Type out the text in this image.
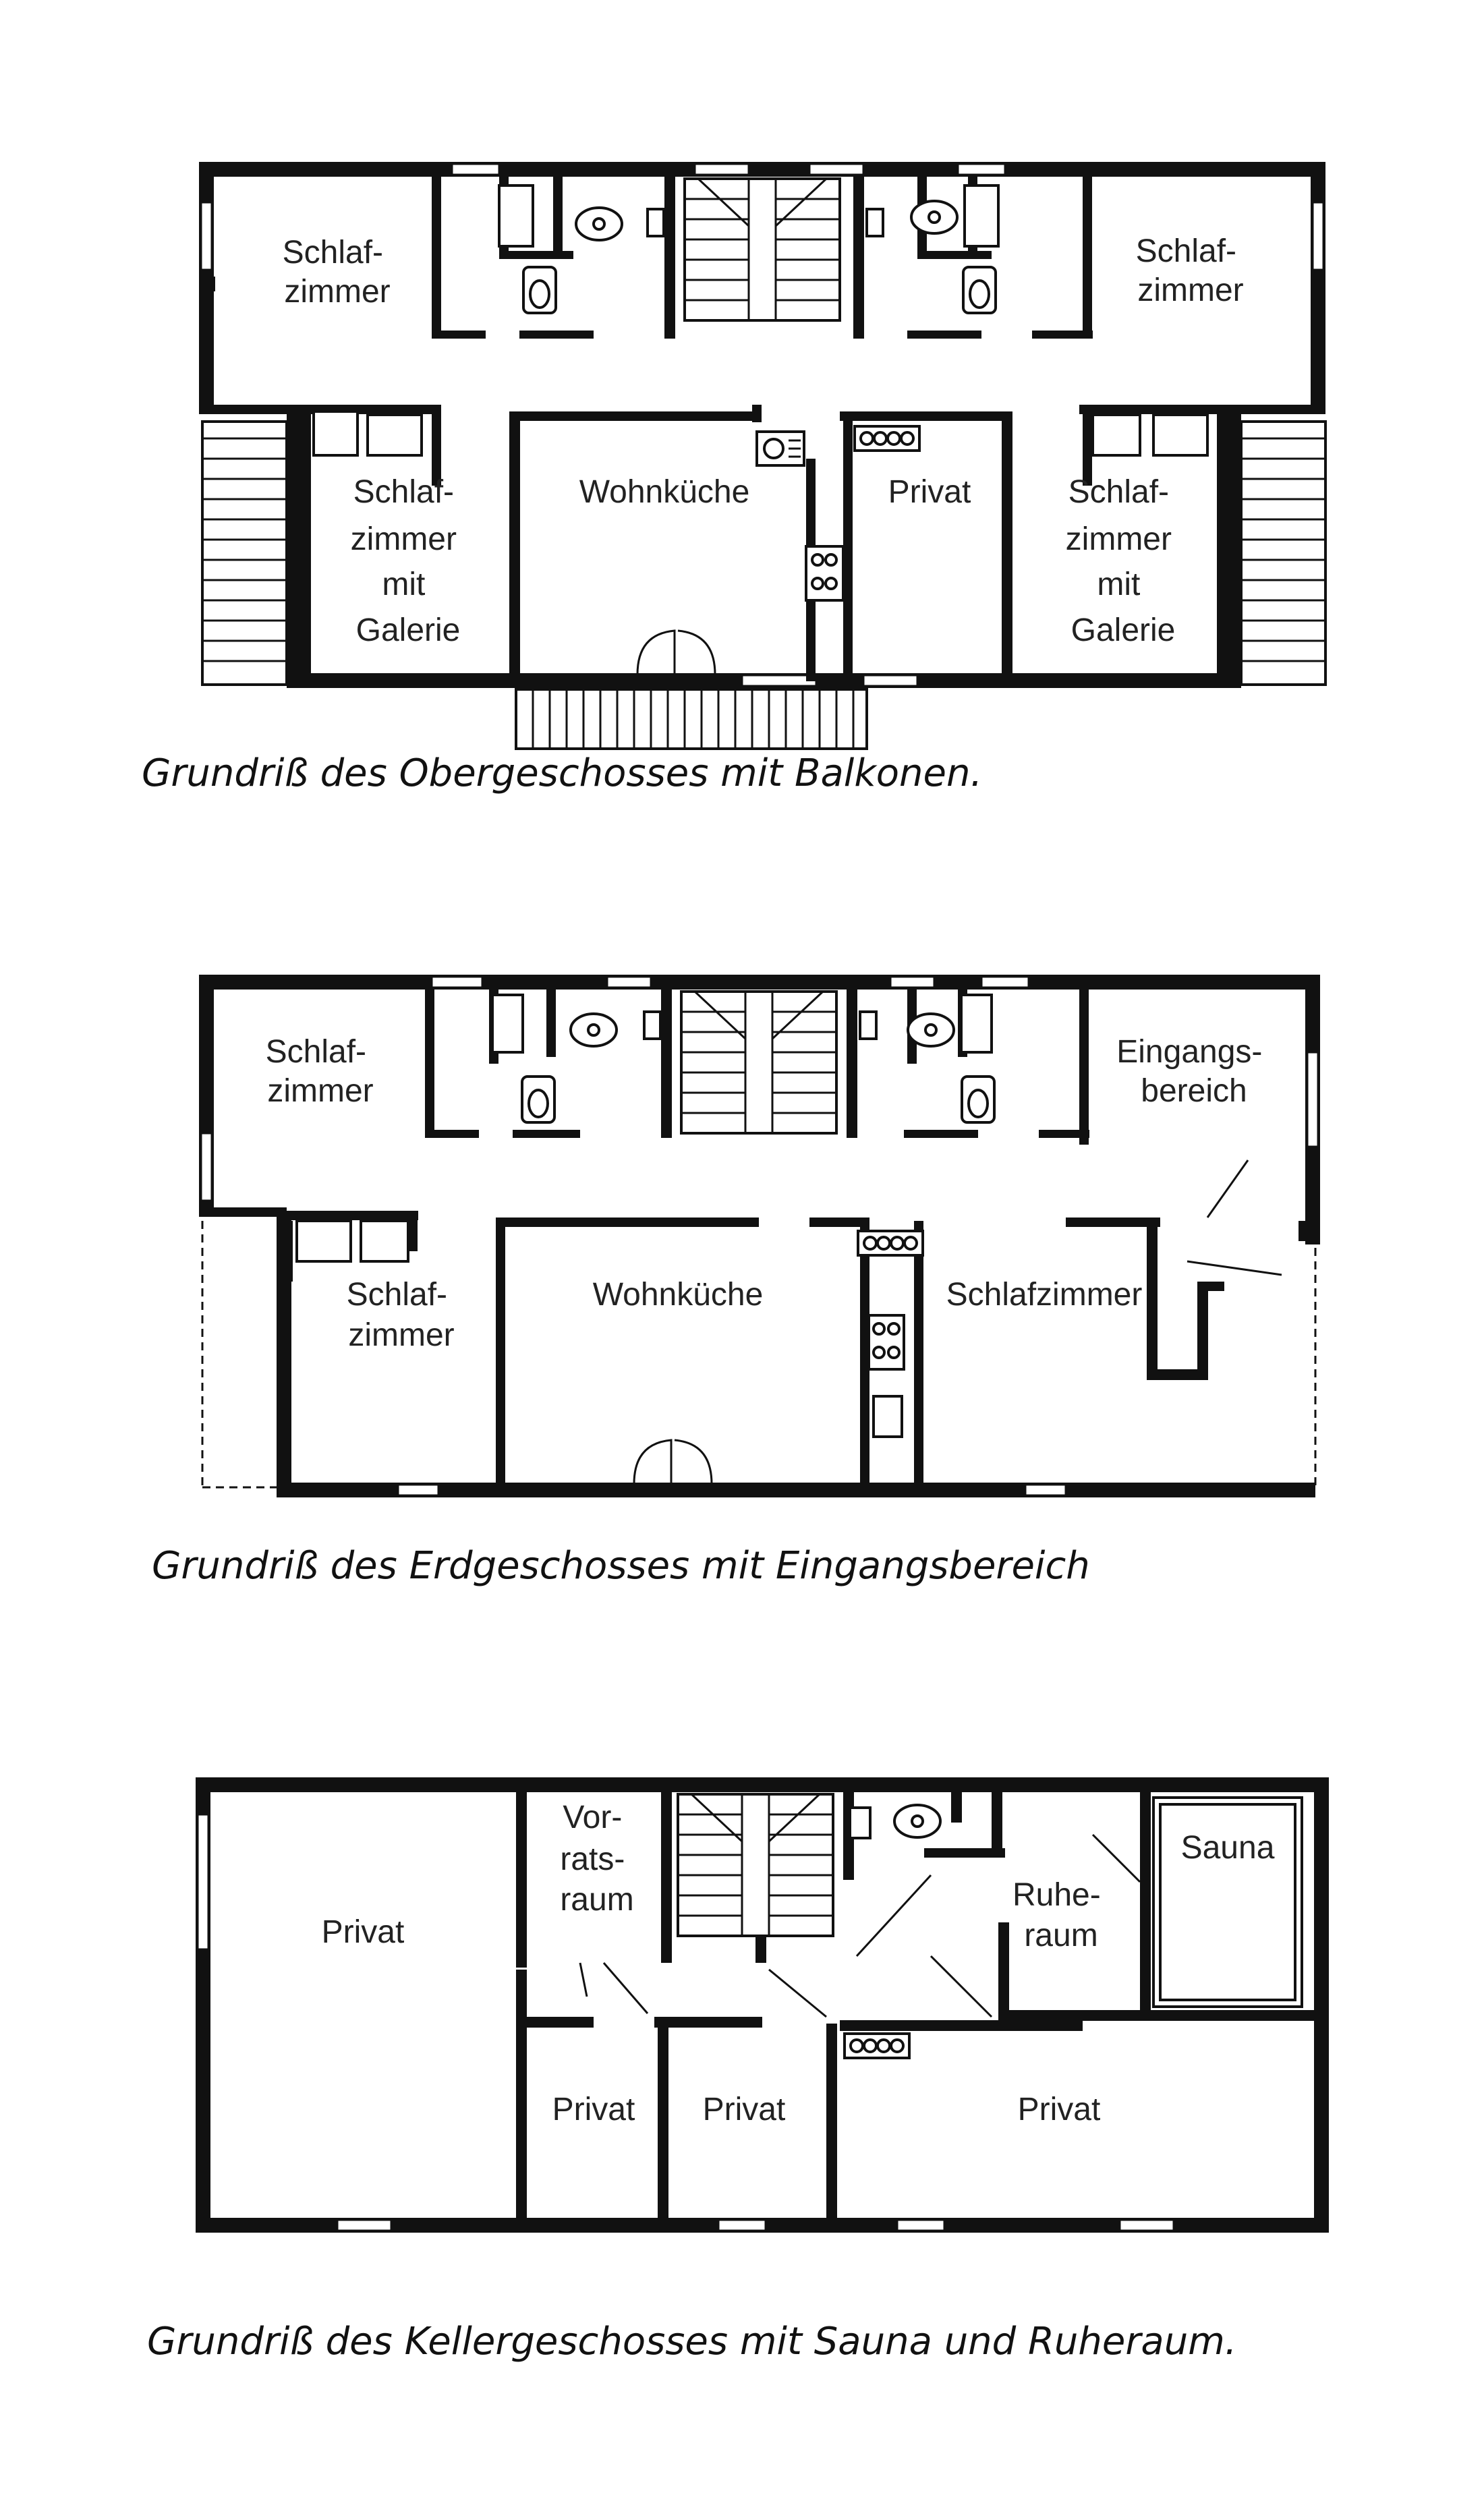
Schlaf- zimmer
Schlaf- zimmer
Schlaf- zimmer mit Galerie
Wohnküche	Privat	Schlaf- zimmer mit Galerie
Grundriß des Obergeschosses mit Balkonen.
Schlaf- zimmer
Eingangs- bereich
Schlaf- zimmer
Wohnküche	Schlafzimmer
Grundriß des Erdgeschosses mit Eingangsbereich
Privat
Vor- rats- raum
Sauna
Ruhe- raum
Privat Privat	Privat
Grundriß des Kellergeschosses mit Sauna und Ruheraum.
